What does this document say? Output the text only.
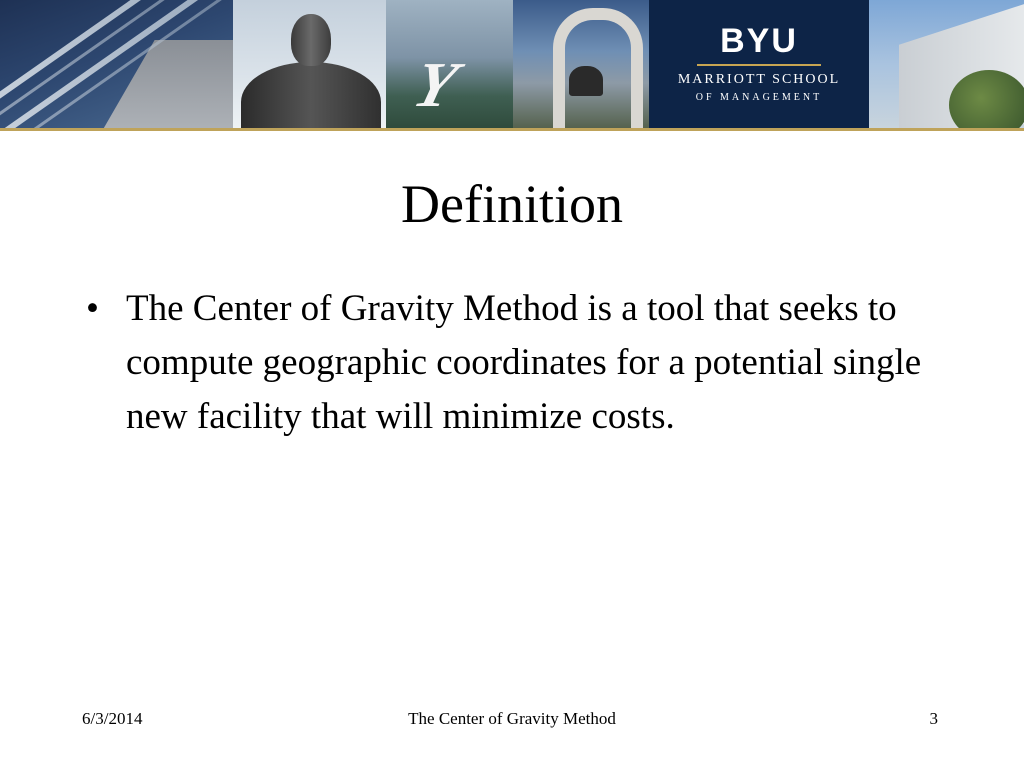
Y
BYU
MARRIOTT SCHOOL
OF MANAGEMENT
Definition
• The Center of Gravity Method is a tool that seeks to compute geographic coordinates for a potential single new facility that will minimize costs.
6/3/2014	The Center of Gravity Method	3
